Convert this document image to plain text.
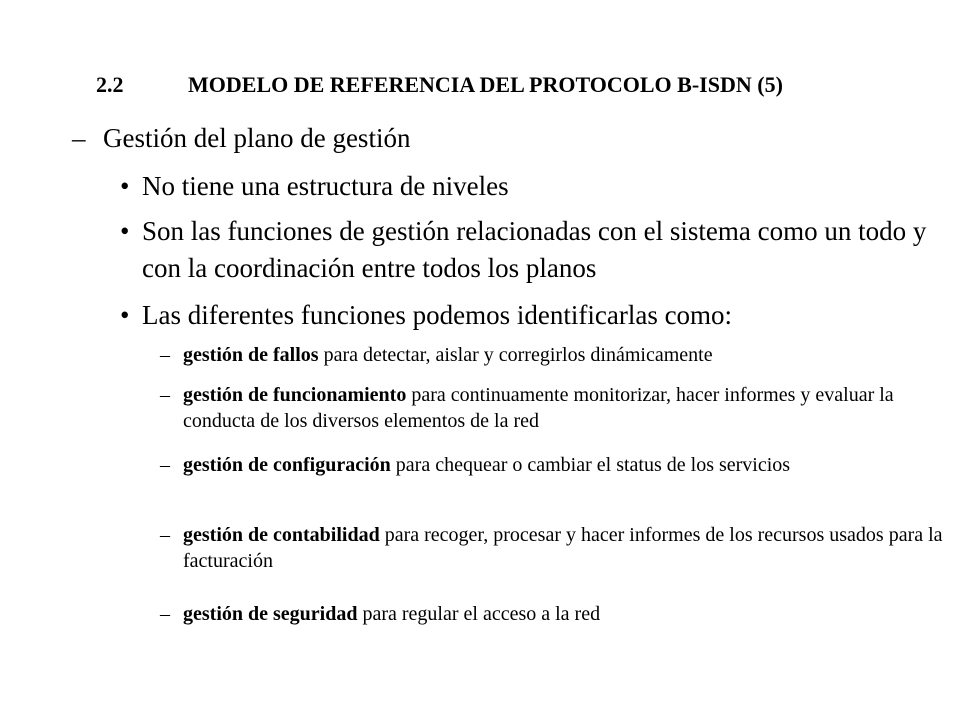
2.2	MODELO DE REFERENCIA DEL PROTOCOLO B-ISDN (5)
– Gestión del plano de gestión
• No tiene una estructura de niveles
• Son las funciones de gestión relacionadas con el sistema como un todo y con la coordinación entre todos los planos
• Las diferentes funciones podemos identificarlas como:
– gestión de fallos para detectar, aislar y corregirlos dinámicamente
– gestión de funcionamiento para continuamente monitorizar, hacer informes y evaluar la conducta de los diversos elementos de la red
– gestión de configuración para chequear o cambiar el status de los servicios
– gestión de contabilidad para recoger, procesar y hacer informes de los recursos usados para la facturación
– gestión de seguridad para regular el acceso a la red
